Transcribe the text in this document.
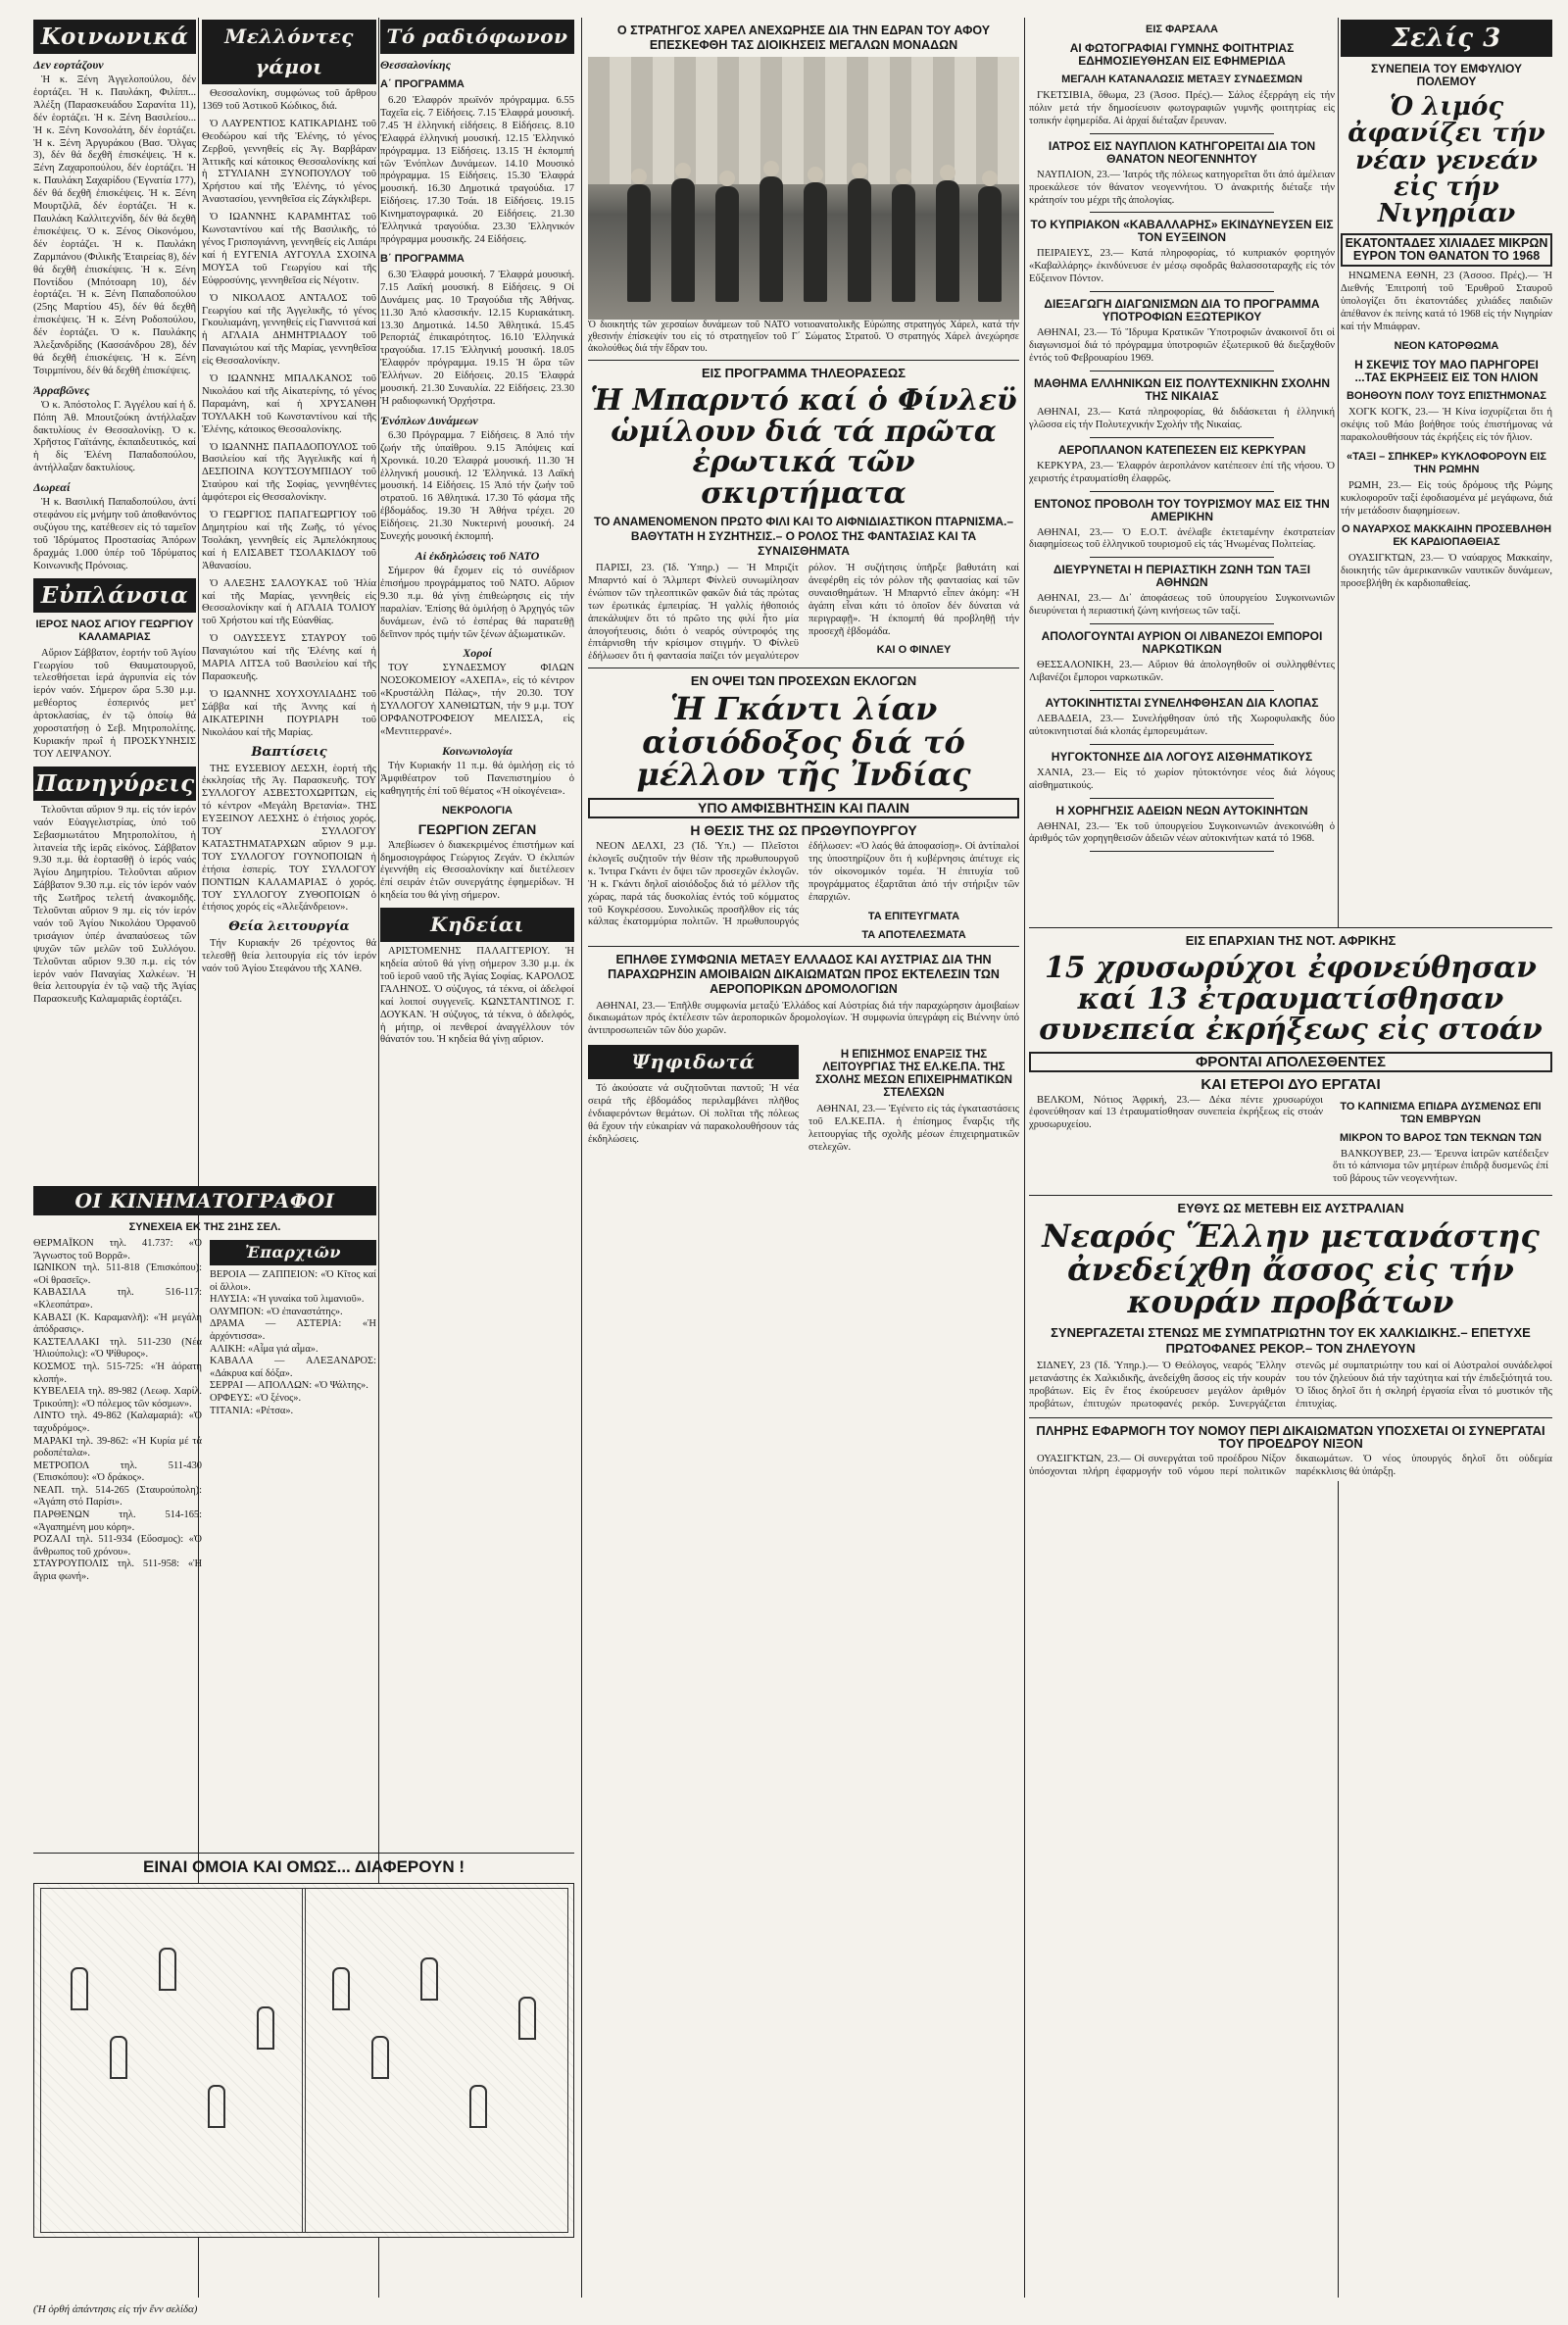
Κοινωνικά
Δεν εορτάζουν

Ἡ κ. Ξένη Ἀγγελοπούλου, δέν ἑορτάζει. Ἡ κ. Παυλάκη, Φιλίππ... Ἀλέξη (Παρασκευάδου Σαρανίτα 11), δέν ἑορτάζει. Ἡ κ. Ξένη Βασιλείου... Ἡ κ. Ξένη Κονσολάτη, δέν ἑορτάζει. Ἡ κ. Ξένη Ἀργυράκου (Βασ. Ὄλγας 3), δέν θά δεχθῆ ἐπισκέψεις. Ἡ κ. Ξένη Ζαχαροπούλου, δέν ἑορτάζει. Ἡ κ. Παυλάκη Σαχαρίδου (Ἐγνατία 177), δέν θά δεχθῆ ἐπισκέψεις. Ἡ κ. Ξένη Μουρτζιλᾶ, δέν ἑορτάζει. Ἡ κ. Παυλάκη Καλλιτεχνίδη, δέν θά δεχθῆ ἐπισκέψεις. Ὁ κ. Ξένος Οἰκονόμου, δέν ἑορτάζει. Ἡ κ. Παυλάκη Ζαρμπάνου (Φιλικῆς Ἑταιρείας 8), δέν θά δεχθῆ ἐπισκέψεις. Ἡ κ. Ξένη Ποντίδου (Μπότσαρη 10), δέν ἑορτάζει. Ἡ κ. Ξένη Παπαδοπούλου (25ης Μαρτίου 45), δέν θά δεχθῆ ἐπισκέψεις. Ἡ κ. Ξένη Ροδοπούλου, δέν ἑορτάζει. Ὁ κ. Παυλάκης Ἀλεξανδρίδης (Κασσάνδρου 28), δέν θά δεχθῆ ἐπισκέψεις. Ἡ κ. Ξένη Τσιρμπίνου, δέν θά δεχθῆ ἐπισκέψεις.

Ἀρραβῶνες

Ὁ κ. Ἀπόστολος Γ. Ἀγγέλου καί ἡ δ. Πόπη Ἀθ. Μπουτζούκη ἀντήλλαξαν δακτυλίους ἐν Θεσσαλονίκῃ. Ὁ κ. Χρῆστος Γαϊτάνης, ἐκπαιδευτικός, καί ἡ δίς Ἑλένη Παπαδοπούλου, ἀντήλλαξαν δακτυλίους.

Δωρεαί

Ἡ κ. Βασιλική Παπαδοπούλου, ἀντί στεφάνου εἰς μνήμην τοῦ ἀποθανόντος συζύγου της, κατέθεσεν εἰς τό ταμεῖον τοῦ Ἱδρύματος Προστασίας Ἀπόρων δραχμάς 1.000 ὑπέρ τοῦ Ἰδρύματος Κοινωνικῆς Πρόνοιας.

Εὐπλάνσια
ΙΕΡΟΣ ΝΑΟΣ ΑΓΙΟΥ ΓΕΩΡΓΙΟΥ ΚΑΛΑΜΑΡΙΑΣ

Αὔριον Σάββατον, ἑορτήν τοῦ Ἁγίου Γεωργίου τοῦ Θαυματουργοῦ, τελεσθήσεται ἱερά ἀγρυπνία εἰς τόν ἱερόν ναόν. Σήμερον ὥρα 5.30 μ.μ. μεθέορτος ἑσπερινός μετ' ἀρτοκλασίας, ἐν τῷ ὁποίῳ θά χοροστατήσῃ ὁ Σεβ. Μητροπολίτης. Κυριακήν πρωΐ ἡ ΠΡΟΣΚΥΝΗΣΙΣ ΤΟΥ ΛΕΙΨΑΝΟΥ.

Πανηγύρεις

Τελοῦνται αὔριον 9 πμ. εἰς τόν ἱερόν ναόν Εὐαγγελιστρίας, ὑπό τοῦ Σεβασμιωτάτου Μητροπολίτου, ἡ λιτανεία τῆς ἱερᾶς εἰκόνος. Σάββατον 9.30 π.μ. θά ἑορτασθῇ ὁ ἱερός ναός Ἁγίου Δημητρίου. Τελοῦνται αὔριον Σάββατον 9.30 π.μ. εἰς τόν ἱερόν ναόν τῆς Σωτῆρος τελετή ἀνακομιδῆς. Τελοῦνται αὔριον 9 πμ. εἰς τόν ἱερόν ναόν τοῦ Ἁγίου Νικολάου Ὀρφανοῦ τρισάγιον ὑπέρ ἀναπαύσεως τῶν ψυχῶν τῶν μελῶν τοῦ Συλλόγου. Τελοῦνται αὔριον 9.30 π.μ. εἰς τόν ἱερόν ναόν Παναγίας Χαλκέων. Ἡ θεία λειτουργία ἐν τῷ ναῷ τῆς Ἁγίας Παρασκευῆς Καλαμαριᾶς ἑορτάζει.

ΟΙ ΚΙΝΗΜΑΤΟΓΡΑΦΟΙ
ΣΥΝΕΧΕΙΑ ΕΚ ΤΗΣ 21ΗΣ ΣΕΛ.

ΘΕΡΜΑΪΚΟΝ τηλ. 41.737: «Ὁ Ἄγνωστος τοῦ Βορρᾶ».

ΙΩΝΙΚΟΝ τηλ. 511-818 (Ἐπισκόπου): «Οἱ θρασεῖς».

ΚΑΒΑΣΙΛΑ τηλ. 516-117: «Κλεοπάτρα».

ΚΑΒΑΣΙ (Κ. Καραμανλῆ): «Ἡ μεγάλη ἀπόδρασις».

ΚΑΣΤΕΛΛΑΚΙ τηλ. 511-230 (Νέα Ἠλιούπολις): «Ὁ Ψίθυρος».

ΚΟΣΜΟΣ τηλ. 515-725: «Ἡ ἀόρατη κλοπή».

ΚΥΒΕΛΕΙΑ τηλ. 89-982 (Λεωφ. Χαρίλ. Τρικούπη): «Ὁ πόλεμος τῶν κόσμων».

ΛΙΝΤΟ τηλ. 49-862 (Καλαμαριά): «Ὁ ταχυδρόμος».

ΜΑΡΑΚΙ τηλ. 39-862: «Ἡ Κυρία μέ τά ροδοπέταλα».

ΜΕΤΡΟΠΟΛ τηλ. 511-430 (Ἐπισκόπου): «Ὁ δράκος».

ΝΕΑΠ. τηλ. 514-265 (Σταυρούπολη): «Ἀγάπη στό Παρίσι».

ΠΑΡΘΕΝΩΝ τηλ. 514-165: «Ἀγαπημένη μου κόρη».

ΡΟΖΑΛΙ τηλ. 511-934 (Εὔοσμος): «Ὁ ἄνθρωπος τοῦ χρόνου».

ΣΤΑΥΡΟΥΠΟΛΙΣ τηλ. 511-958: «Ἡ ἄγρια φωνή».

Ἐπαρχιῶν

ΒΕΡΟΙΑ — ΖΑΠΠΕΙΟΝ: «Ὁ Κῖτος καί οἱ ἄλλοι».

ΗΛΥΣΙΑ: «Ἡ γυναίκα τοῦ λιμανιοῦ».

ΟΛΥΜΠΟΝ: «Ὁ ἐπαναστάτης».

ΔΡΑΜΑ — ΑΣΤΕΡΙΑ: «Ἡ ἀρχόντισσα».

ΑΛΙΚΗ: «Αἷμα γιά αἷμα».

ΚΑΒΑΛΑ — ΑΛΕΞΑΝΔΡΟΣ: «Δάκρυα καί δόξα».

ΣΕΡΡΑΙ — ΑΠΟΛΛΩΝ: «Ὁ Ψάλτης».

ΟΡΦΕΥΣ: «Ὁ ξένος».

ΤΙΤΑΝΙΑ: «Ρέτσα».

ΕΙΝΑΙ ΟΜΟΙΑ ΚΑΙ ΟΜΩΣ... ΔΙΑΦΕΡΟΥΝ !
(Ἡ ὀρθή ἀπάντησις εἰς τήν ἔνν σελίδα)
Μελλόντες γάμοι

Θεσσαλονίκη, συμφώνως τοῦ ἄρθρου 1369 τοῦ Ἀστικοῦ Κώδικος, διά.

Ὁ ΛΑΥΡΕΝΤΙΟΣ ΚΑΤΙΚΑΡΙΔΗΣ τοῦ Θεοδώρου καί τῆς Ἑλένης, τό γένος Ζερβοῦ, γεννηθείς εἰς Ἀγ. Βαρβάραν Ἀττικῆς καί κάτοικος Θεσσαλονίκης καί ἡ ΣΤΥΛΙΑΝΗ ΞΥΝΟΠΟΥΛΟΥ τοῦ Χρήστου καί τῆς Ἑλένης, τό γένος Ἀναστασίου, γεννηθεῖσα εἰς Ζάγκλιβερι.

Ὁ ΙΩΑΝΝΗΣ ΚΑΡΑΜΗΤΑΣ τοῦ Κωνσταντίνου καί τῆς Βασιλικῆς, τό γένος Γρισπογιάννη, γεννηθείς εἰς Λιπάρι καί ἡ ΕΥΓΕΝΙΑ ΑΥΓΟΥΛΑ ΣΧΟΙΝΑ ΜΟΥΣΑ τοῦ Γεωργίου καί τῆς Εὐφροσύνης, γεννηθεῖσα εἰς Νέγοτιν.

Ὁ ΝΙΚΟΛΑΟΣ ΑΝΤΑΛΟΣ τοῦ Γεωργίου καί τῆς Ἀγγελικῆς, τό γένος Γκουλιαμάνη, γεννηθείς εἰς Γιαννιτσά καί ἡ ΑΓΛΑΙΑ ΔΗΜΗΤΡΙΑΔΟΥ τοῦ Παναγιώτου καί τῆς Μαρίας, γεννηθεῖσα εἰς Θεσσαλονίκην.

Ὁ ΙΩΑΝΝΗΣ ΜΠΑΛΚΑΝΟΣ τοῦ Νικολάου καί τῆς Αἰκατερίνης, τό γένος Παραμάνη, καί ἡ ΧΡΥΣΑΝΘΗ ΤΟΥΛΑΚΗ τοῦ Κωνσταντίνου καί τῆς Ἑλένης, κάτοικος Θεσσαλονίκης.

Ὁ ΙΩΑΝΝΗΣ ΠΑΠΑΔΟΠΟΥΛΟΣ τοῦ Βασιλείου καί τῆς Ἀγγελικῆς καί ἡ ΔΕΣΠΟΙΝΑ ΚΟΥΤΣΟΥΜΠΙΔΟΥ τοῦ Σταύρου καί τῆς Σοφίας, γεννηθέντες ἀμφότεροι εἰς Θεσσαλονίκην.

Ὁ ΓΕΩΡΓΙΟΣ ΠΑΠΑΓΕΩΡΓΙΟΥ τοῦ Δημητρίου καί τῆς Ζωῆς, τό γένος Τσολάκη, γεννηθείς εἰς Ἀμπελόκηπους καί ἡ ΕΛΙΣΑΒΕΤ ΤΣΟΛΑΚΙΔΟΥ τοῦ Ἀθανασίου.

Ὁ ΑΛΕΞΗΣ ΣΑΛΟΥΚΑΣ τοῦ Ἡλία καί τῆς Μαρίας, γεννηθείς εἰς Θεσσαλονίκην καί ἡ ΑΓΛΑΙΑ ΤΟΛΙΟΥ τοῦ Χρήστου καί τῆς Εὐανθίας.

Ὁ ΟΔΥΣΣΕΥΣ ΣΤΑΥΡΟΥ τοῦ Παναγιώτου καί τῆς Ἑλένης καί ἡ ΜΑΡΙΑ ΛΙΤΣΑ τοῦ Βασιλείου καί τῆς Παρασκευῆς.

Ὁ ΙΩΑΝΝΗΣ ΧΟΥΧΟΥΛΙΑΔΗΣ τοῦ Σάββα καί τῆς Ἀννης καί ἡ ΑΙΚΑΤΕΡΙΝΗ ΠΟΥΡΙΑΡΗ τοῦ Νικολάου καί τῆς Μαρίας.

Βαπτίσεις

ΤΗΣ ΕΥΣΕΒΙΟΥ ΔΕΣΧΗ, ἑορτή τῆς ἐκκλησίας τῆς Ἁγ. Παρασκευῆς. ΤΟΥ ΣΥΛΛΟΓΟΥ ΑΣΒΕΣΤΟΧΩΡΙΤΩΝ, εἰς τό κέντρον «Μεγάλη Βρετανία». ΤΗΣ ΕΥΞΕΙΝΟΥ ΛΕΣΧΗΣ ὁ ἐτήσιος χορός. ΤΟΥ ΣΥΛΛΟΓΟΥ ΚΑΤΑΣΤΗΜΑΤΑΡΧΩΝ αὔριον 9 μ.μ. ΤΟΥ ΣΥΛΛΟΓΟΥ ΓΟΥΝΟΠΟΙΩΝ ἡ ἐτήσια ἑσπερίς. ΤΟΥ ΣΥΛΛΟΓΟΥ ΠΟΝΤΙΩΝ ΚΑΛΑΜΑΡΙΑΣ ὁ χορός. ΤΟΥ ΣΥΛΛΟΓΟΥ ΖΥΘΟΠΟΙΩΝ ὁ ἐτήσιος χορός εἰς «Ἀλεξάνδρειον».

Θεία λειτουργία

Τήν Κυριακήν 26 τρέχοντος θά τελεσθῇ θεία λειτουργία εἰς τόν ἱερόν ναόν τοῦ Ἁγίου Στεφάνου τῆς ΧΑΝΘ.

Τό ραδιόφωνον
Θεσσαλονίκης
Α΄ ΠΡΟΓΡΑΜΜΑ

6.20 Ἐλαφρόν πρωϊνόν πρόγραμμα. 6.55 Ταχεῖα εἰς. 7 Εἰδήσεις. 7.15 Ἐλαφρά μουσική. 7.45 Ἡ ἑλληνική εἰδήσεις. 8 Εἰδήσεις. 8.10 Ἐλαφρά ἑλληνική μουσική. 12.15 Ἑλληνικό πρόγραμμα. 13 Εἰδήσεις. 13.15 Ἡ ἐκπομπή τῶν Ἐνόπλων Δυνάμεων. 14.10 Μουσικό πρόγραμμα. 15 Εἰδήσεις. 15.30 Ἐλαφρά μουσική. 16.30 Δημοτικά τραγούδια. 17 Εἰδήσεις. 17.30 Τσάι. 18 Εἰδήσεις. 19.15 Κινηματογραφικά. 20 Εἰδήσεις. 21.30 Ἑλληνικά τραγούδια. 23.30 Ἑλληνικόν πρόγραμμα μουσικῆς. 24 Εἰδήσεις.

Β΄ ΠΡΟΓΡΑΜΜΑ

6.30 Ἐλαφρά μουσική. 7 Ἐλαφρά μουσική. 7.15 Λαϊκή μουσική. 8 Εἰδήσεις. 9 Οἱ Δυνάμεις μας. 10 Τραγούδια τῆς Ἀθήνας. 11.30 Ἀπό κλασσικήν. 12.15 Κυριακάτικη. 13.30 Δημοτικά. 14.50 Ἀθλητικά. 15.45 Ρεπορτάζ ἐπικαιρότητος. 16.10 Ἑλληνικά τραγούδια. 17.15 Ἑλληνική μουσική. 18.05 Ἐλαφρόν πρόγραμμα. 19.15 Ἡ ὥρα τῶν Ἑλλήνων. 20 Εἰδήσεις. 20.15 Ἐλαφρά μουσική. 21.30 Συναυλία. 22 Εἰδήσεις. 23.30 Ἡ ραδιοφωνική Ὀρχήστρα.

Ἐνόπλων Δυνάμεων

6.30 Πρόγραμμα. 7 Εἰδήσεις. 8 Ἀπό τήν ζωήν τῆς ὑπαίθρου. 9.15 Ἀπόψεις καί Χρονικά. 10.20 Ἐλαφρά μουσική. 11.30 Ἡ ἑλληνική μουσική. 12 Ἐλληνικά. 13 Λαϊκή μουσική. 14 Εἰδήσεις. 15 Ἀπό τήν ζωήν τοῦ στρατοῦ. 16 Ἀθλητικά. 17.30 Τό φάσμα τῆς ἐβδομάδος. 19.30 Ἡ Ἀθήνα τρέχει. 20 Εἰδήσεις. 21.30 Νυκτερινή μουσική. 24 Συνεχής μουσική ἐκπομπή.

Αἱ ἐκδηλώσεις τοῦ ΝΑΤΟ

Σήμερον θά ἔχομεν εἰς τό συνέδριον ἐπισήμου προγράμματος τοῦ ΝΑΤΟ. Αὔριον 9.30 π.μ. θά γίνῃ ἐπιθεώρησις εἰς τήν παραλίαν. Ἐπίσης θά ὁμιλήσῃ ὁ Ἀρχηγός τῶν δυνάμεων, ἐνῶ τό ἑσπέρας θά παρατεθῇ δεῖπνον πρός τιμήν τῶν ξένων ἀξιωματικῶν.

Χοροί

ΤΟΥ ΣΥΝΔΕΣΜΟΥ ΦΙΛΩΝ ΝΟΣΟΚΟΜΕΙΟΥ «ΑΧΕΠΑ», εἰς τό κέντρον «Κρυστάλλη Πάλας», τήν 20.30. ΤΟΥ ΣΥΛΛΟΓΟΥ ΧΑΝΘΙΩΤΩΝ, τήν 9 μ.μ. ΤΟΥ ΟΡΦΑΝΟΤΡΟΦΕΙΟΥ ΜΕΛΙΣΣΑ, εἰς «Μεντιτερρανέ».

Κοινωνιολογία

Τήν Κυριακήν 11 π.μ. θά ὁμιλήσῃ εἰς τό Ἀμφιθέατρον τοῦ Πανεπιστημίου ὁ καθηγητής ἐπί τοῦ θέματος «Ἡ οἰκογένεια».

ΝΕΚΡΟΛΟΓΙΑ
ΓΕΩΡΓΙΟΝ ΖΕΓΑΝ

Ἀπεβίωσεν ὁ διακεκριμένος ἐπιστήμων καί δημοσιογράφος Γεώργιος Ζεγάν. Ὁ ἐκλιπών ἐγεννήθη εἰς Θεσσαλονίκην καί διετέλεσεν ἐπί σειράν ἐτῶν συνεργάτης ἐφημερίδων. Ἡ κηδεία του θά γίνῃ σήμερον.

Κηδείαι

ΑΡΙΣΤΟΜΕΝΗΣ ΠΑΛΑΓΓΕΡΙΟΥ. Ἡ κηδεία αὐτοῦ θά γίνῃ σήμερον 3.30 μ.μ. ἐκ τοῦ ἱεροῦ ναοῦ τῆς Ἁγίας Σοφίας. ΚΑΡΟΛΟΣ ΓΑΛΗΝΟΣ. Ὁ σύζυγος, τά τέκνα, οἱ ἀδελφοί καί λοιποί συγγενεῖς. ΚΩΝΣΤΑΝΤΙΝΟΣ Γ. ΔΟΥΚΑΝ. Ἡ σύζυγος, τά τέκνα, ὁ ἀδελφός, ἡ μήτηρ, οἱ πενθεροί ἀναγγέλλουν τόν θάνατόν του. Ἡ κηδεία θά γίνῃ αὔριον.

Ο ΣΤΡΑΤΗΓΟΣ ΧΑΡΕΛ ΑΝΕΧΩΡΗΣΕ ΔΙΑ ΤΗΝ ΕΔΡΑΝ ΤΟΥ ΑΦΟΥ ΕΠΕΣΚΕΦΘΗ ΤΑΣ ΔΙΟΙΚΗΣΕΙΣ ΜΕΓΑΛΩΝ ΜΟΝΑΔΩΝ

Ὁ διοικητής τῶν χερσαίων δυνάμεων τοῦ ΝΑΤΟ νοτιοανατολικῆς Εὐρώπης στρατηγός Χάρελ, κατά τήν χθεσινήν ἐπίσκεψίν του εἰς τό στρατηγεῖον τοῦ Γ΄ Σώματος Στρατοῦ. Ὁ στρατηγός Χάρελ ἀνεχώρησε ἀκολούθως διά τήν ἕδραν του.

ΕΙΣ ΠΡΟΓΡΑΜΜΑ ΤΗΛΕΟΡΑΣΕΩΣ
Ἡ Μπαρντό καί ὁ Φίνλεϋ ὡμίλουν διά τά πρῶτα ἐρωτικά τῶν σκιρτήματα
ΤΟ ΑΝΑΜΕΝΟΜΕΝΟΝ ΠΡΩΤΟ ΦΙΛΙ ΚΑΙ ΤΟ ΑΙΦΝΙΔΙΑΣΤΙΚΟΝ ΠΤΑΡΝΙΣΜΑ.– ΒΑΘΥΤΑΤΗ Η ΣΥΖΗΤΗΣΙΣ.– Ο ΡΟΛΟΣ ΤΗΣ ΦΑΝΤΑΣΙΑΣ ΚΑΙ ΤΑ ΣΥΝΑΙΣΘΗΜΑΤΑ

ΠΑΡΙΣΙ, 23. (Ἰδ. Ὑπηρ.) — Ἡ Μπριζίτ Μπαρντό καί ὁ Ἄλμπερτ Φίνλεϋ συνωμίλησαν ἐνώπιον τῶν τηλεοπτικῶν φακῶν διά τάς πρώτας των ἐρωτικάς ἐμπειρίας. Ἡ γαλλίς ἠθοποιός ἀπεκάλυψεν ὅτι τό πρῶτο της φιλί ἦτο μία ἀπογοήτευσις, διότι ὁ νεαρός σύντροφός της ἐπτάρνισθη τήν κρίσιμον στιγμήν. Ὁ Φίνλεϋ ἐδήλωσεν ὅτι ἡ φαντασία παίζει τόν μεγαλύτερον ρόλον. Ἡ συζήτησις ὑπῆρξε βαθυτάτη καί ἀνεφέρθη εἰς τόν ρόλον τῆς φαντασίας καί τῶν συναισθημάτων. Ἡ Μπαρντό εἶπεν ἀκόμη: «Ἡ ἀγάπη εἶναι κάτι τό ὁποῖον δέν δύναται νά περιγραφῇ». Ἡ ἐκπομπή θά προβληθῇ τήν προσεχῆ ἑβδομάδα.

ΚΑΙ Ο ΦΙΝΛΕΥ
ΕΝ ΟΨΕΙ ΤΩΝ ΠΡΟΣΕΧΩΝ ΕΚΛΟΓΩΝ
Ἡ Γκάντι λίαν αἰσιόδοξος διά τό μέλλον τῆς Ἰνδίας
ΥΠΟ ΑΜΦΙΣΒΗΤΗΣΙΝ ΚΑΙ ΠΑΛΙΝ
Η ΘΕΣΙΣ ΤΗΣ ΩΣ ΠΡΩΘΥΠΟΥΡΓΟΥ

ΝΕΟΝ ΔΕΛΧΙ, 23 (Ἰδ. Ὑπ.) — Πλεῖστοι ἐκλογεῖς συζητοῦν τήν θέσιν τῆς πρωθυπουργοῦ κ. Ἰντιρα Γκάντι ἐν ὄψει τῶν προσεχῶν ἐκλογῶν. Ἡ κ. Γκάντι δηλοῖ αἰσιόδοξος διά τό μέλλον τῆς χώρας, παρά τάς δυσκολίας ἐντός τοῦ κόμματος τοῦ Κογκρέσσου. Συνολικῶς προσῆλθον εἰς τάς κάλπας ἑκατομμύρια πολιτῶν. Ἡ πρωθυπουργός ἐδήλωσεν: «Ὁ λαός θά ἀποφασίσῃ». Οἱ ἀντίπαλοί της ὑποστηρίζουν ὅτι ἡ κυβέρνησις ἀπέτυχε εἰς τόν οἰκονομικόν τομέα. Ἡ ἐπιτυχία τοῦ προγράμματος ἐξαρτᾶται ἀπό τήν στήριξιν τῶν ἐπαρχιῶν.

ΤΑ ΕΠΙΤΕΥΓΜΑΤΑ
ΤΑ ΑΠΟΤΕΛΕΣΜΑΤΑ
ΕΠΗΛΘΕ ΣΥΜΦΩΝΙΑ ΜΕΤΑΞΥ ΕΛΛΑΔΟΣ ΚΑΙ ΑΥΣΤΡΙΑΣ ΔΙΑ ΤΗΝ ΠΑΡΑΧΩΡΗΣΙΝ ΑΜΟΙΒΑΙΩΝ ΔΙΚΑΙΩΜΑΤΩΝ ΠΡΟΣ ΕΚΤΕΛΕΣΙΝ ΤΩΝ ΑΕΡΟΠΟΡΙΚΩΝ ΔΡΟΜΟΛΟΓΙΩΝ

ΑΘΗΝΑΙ, 23.— Ἐπῆλθε συμφωνία μεταξύ Ἑλλάδος καί Αὐστρίας διά τήν παραχώρησιν ἀμοιβαίων δικαιωμάτων πρός ἐκτέλεσιν τῶν ἀεροπορικῶν δρομολογίων. Ἡ συμφωνία ὑπεγράφη εἰς Βιέννην ὑπό ἀντιπροσωπειῶν τῶν δύο χωρῶν.

Ψηφιδωτά

Τό ἀκούσατε νά συζητοῦνται παντοῦ; Ἡ νέα σειρά τῆς ἐβδομάδος περιλαμβάνει πλῆθος ἐνδιαφερόντων θεμάτων. Οἱ πολῖται τῆς πόλεως θά ἔχουν τήν εὐκαιρίαν νά παρακολουθήσουν τάς ἐκδηλώσεις.

Η ΕΠΙΣΗΜΟΣ ΕΝΑΡΞΙΣ ΤΗΣ ΛΕΙΤΟΥΡΓΙΑΣ ΤΗΣ ΕΛ.ΚΕ.ΠΑ. ΤΗΣ ΣΧΟΛΗΣ ΜΕΣΩΝ ΕΠΙΧΕΙΡΗΜΑΤΙΚΩΝ ΣΤΕΛΕΧΩΝ

ΑΘΗΝΑΙ, 23.— Ἐγένετο εἰς τάς ἐγκαταστάσεις τοῦ ΕΛ.ΚΕ.ΠΑ. ἡ ἐπίσημος ἔναρξις τῆς λειτουργίας τῆς σχολῆς μέσων ἐπιχειρηματικῶν στελεχῶν.

ΕΙΣ ΦΑΡΣΑΛΑ
ΑΙ ΦΩΤΟΓΡΑΦΙΑΙ ΓΥΜΝΗΣ ΦΟΙΤΗΤΡΙΑΣ ΕΔΗΜΟΣΙΕΥΘΗΣΑΝ ΕΙΣ ΕΦΗΜΕΡΙΔΑ
ΜΕΓΑΛΗ ΚΑΤΑΝΑΛΩΣΙΣ ΜΕΤΑΞΥ ΣΥΝΔΕΣΜΩΝ

ΓΚΕΤΣΙΒΙΑ, ὅθωμα, 23 (Ἀσοσ. Πρές).— Σάλος ἐξερράγη εἰς τήν πόλιν μετά τήν δημοσίευσιν φωτογραφιῶν γυμνῆς φοιτητρίας εἰς τοπικήν ἐφημερίδα. Αἱ ἀρχαί διέταξαν ἔρευναν.

ΙΑΤΡΟΣ ΕΙΣ ΝΑΥΠΛΙΟΝ ΚΑΤΗΓΟΡΕΙΤΑΙ ΔΙΑ ΤΟΝ ΘΑΝΑΤΟΝ ΝΕΟΓΕΝΝΗΤΟΥ

ΝΑΥΠΛΙΟΝ, 23.— Ἰατρός τῆς πόλεως κατηγορεῖται ὅτι ἀπό ἀμέλειαν προεκάλεσε τόν θάνατον νεογεννήτου. Ὁ ἀνακριτής διέταξε τήν κράτησίν του μέχρι τῆς ἀπολογίας.

ΤΟ ΚΥΠΡΙΑΚΟΝ «ΚΑΒΑΛΛΑΡΗΣ» ΕΚΙΝΔΥΝΕΥΣΕΝ ΕΙΣ ΤΟΝ ΕΥΞΕΙΝΟΝ

ΠΕΙΡΑΙΕΥΣ, 23.— Κατά πληροφορίας, τό κυπριακόν φορτηγόν «Καβαλλάρης» ἐκινδύνευσε ἐν μέσῳ σφοδρᾶς θαλασσοταραχῆς εἰς τόν Εὔξεινον Πόντον.

ΔΙΕΞΑΓΩΓΗ ΔΙΑΓΩΝΙΣΜΩΝ ΔΙΑ ΤΟ ΠΡΟΓΡΑΜΜΑ ΥΠΟΤΡΟΦΙΩΝ ΕΞΩΤΕΡΙΚΟΥ

ΑΘΗΝΑΙ, 23.— Τό Ἵδρυμα Κρατικῶν Ὑποτροφιῶν ἀνακοινοῖ ὅτι οἱ διαγωνισμοί διά τό πρόγραμμα ὑποτροφιῶν ἐξωτερικοῦ θά διεξαχθοῦν ἐντός τοῦ Φεβρουαρίου 1969.

ΜΑΘΗΜΑ ΕΛΛΗΝΙΚΩΝ ΕΙΣ ΠΟΛΥΤΕΧΝΙΚΗΝ ΣΧΟΛΗΝ ΤΗΣ ΝΙΚΑΙΑΣ

ΑΘΗΝΑΙ, 23.— Κατά πληροφορίας, θά διδάσκεται ἡ ἑλληνική γλῶσσα εἰς τήν Πολυτεχνικήν Σχολήν τῆς Νικαίας.

ΑΕΡΟΠΛΑΝΟΝ ΚΑΤΕΠΕΣΕΝ ΕΙΣ ΚΕΡΚΥΡΑΝ

ΚΕΡΚΥΡΑ, 23.— Ἐλαφρόν ἀεροπλάνον κατέπεσεν ἐπί τῆς νήσου. Ὁ χειριστής ἐτραυματίσθη ἐλαφρῶς.

ΕΝΤΟΝΟΣ ΠΡΟΒΟΛΗ ΤΟΥ ΤΟΥΡΙΣΜΟΥ ΜΑΣ ΕΙΣ ΤΗΝ ΑΜΕΡΙΚΗΝ

ΑΘΗΝΑΙ, 23.— Ὁ Ε.Ο.Τ. ἀνέλαβε ἐκτεταμένην ἐκστρατείαν διαφημίσεως τοῦ ἑλληνικοῦ τουρισμοῦ εἰς τάς Ἡνωμένας Πολιτείας.

ΔΙΕΥΡΥΝΕΤΑΙ Η ΠΕΡΙΑΣΤΙΚΗ ΖΩΝΗ ΤΩΝ ΤΑΞΙ ΑΘΗΝΩΝ

ΑΘΗΝΑΙ, 23.— Δι᾽ ἀποφάσεως τοῦ ὑπουργείου Συγκοινωνιῶν διευρύνεται ἡ περιαστική ζώνη κινήσεως τῶν ταξί.

ΑΠΟΛΟΓΟΥΝΤΑΙ ΑΥΡΙΟΝ ΟΙ ΛΙΒΑΝΕΖΟΙ ΕΜΠΟΡΟΙ ΝΑΡΚΩΤΙΚΩΝ

ΘΕΣΣΑΛΟΝΙΚΗ, 23.— Αὔριον θά ἀπολογηθοῦν οἱ συλληφθέντες Λιβανέζοι ἔμποροι ναρκωτικῶν.

ΑΥΤΟΚΙΝΗΤΙΣΤΑΙ ΣΥΝΕΛΗΦΘΗΣΑΝ ΔΙΑ ΚΛΟΠΑΣ

ΛΕΒΑΔΕΙΑ, 23.— Συνελήφθησαν ὑπό τῆς Χωροφυλακῆς δύο αὐτοκινητισταί διά κλοπάς ἐμπορευμάτων.

ΗΥΓΟΚΤΟΝΗΣΕ ΔΙΑ ΛΟΓΟΥΣ ΑΙΣΘΗΜΑΤΙΚΟΥΣ

ΧΑΝΙΑ, 23.— Εἰς τό χωρίον ηὐτοκτόνησε νέος διά λόγους αἰσθηματικούς.

Η ΧΟΡΗΓΗΣΙΣ ΑΔΕΙΩΝ ΝΕΩΝ ΑΥΤΟΚΙΝΗΤΩΝ

ΑΘΗΝΑΙ, 23.— Ἐκ τοῦ ὑπουργείου Συγκοινωνιῶν ἀνεκοινώθη ὁ ἀριθμός τῶν χορηγηθεισῶν ἀδειῶν νέων αὐτοκινήτων κατά τό 1968.

Σελίς 3
ΣΥΝΕΠΕΙΑ ΤΟΥ ΕΜΦΥΛΙΟΥ ΠΟΛΕΜΟΥ
Ὁ λιμός ἀφανίζει τήν νέαν γενεάν εἰς τήν Νιγηρίαν
ΕΚΑΤΟΝΤΑΔΕΣ ΧΙΛΙΑΔΕΣ ΜΙΚΡΩΝ ΕΥΡΟΝ ΤΟΝ ΘΑΝΑΤΟΝ ΤΟ 1968

ΗΝΩΜΕΝΑ ΕΘΝΗ, 23 (Ἀσσοσ. Πρές).— Ἡ Διεθνής Ἐπιτροπή τοῦ Ἐρυθροῦ Σταυροῦ ὑπολογίζει ὅτι ἑκατοντάδες χιλιάδες παιδιῶν ἀπέθανον ἐκ πείνης κατά τό 1968 εἰς τήν Νιγηρίαν καί τήν Μπιάφραν.

ΝΕΟΝ ΚΑΤΟΡΘΩΜΑ
Η ΣΚΕΨΙΣ ΤΟΥ ΜΑΟ ΠΑΡΗΓΟΡΕΙ ...ΤΑΣ ΕΚΡΗΞΕΙΣ ΕΙΣ ΤΟΝ ΗΛΙΟΝ
ΒΟΗΘΟΥΝ ΠΟΛΥ ΤΟΥΣ ΕΠΙΣΤΗΜΟΝΑΣ

ΧΟΓΚ ΚΟΓΚ, 23.— Ἡ Κίνα ἰσχυρίζεται ὅτι ἡ σκέψις τοῦ Μάο βοήθησε τούς ἐπιστήμονας νά παρακολουθήσουν τάς ἐκρήξεις εἰς τόν ἥλιον.

«ΤΑΞΙ – ΣΠΗΚΕΡ» ΚΥΚΛΟΦΟΡΟΥΝ ΕΙΣ ΤΗΝ ΡΩΜΗΝ

ΡΩΜΗ, 23.— Εἰς τούς δρόμους τῆς Ρώμης κυκλοφοροῦν ταξί ἐφοδιασμένα μέ μεγάφωνα, διά τήν μετάδοσιν διαφημίσεων.

Ο ΝΑΥΑΡΧΟΣ ΜΑΚΚΑΙΗΝ ΠΡΟΣΕΒΛΗΘΗ ΕΚ ΚΑΡΔΙΟΠΑΘΕΙΑΣ

ΟΥΑΣΙΓΚΤΩΝ, 23.— Ὁ ναύαρχος Μακκαίην, διοικητής τῶν ἀμερικανικῶν ναυτικῶν δυνάμεων, προσεβλήθη ἐκ καρδιοπαθείας.

ΕΙΣ ΕΠΑΡΧΙΑΝ ΤΗΣ ΝΟΤ. ΑΦΡΙΚΗΣ
15 χρυσωρύχοι ἐφονεύθησαν καί 13 ἐτραυματίσθησαν συνεπεία ἐκρήξεως εἰς στοάν
ΦΡΟΝΤΑΙ ΑΠΟΛΕΣΘΕΝΤΕΣ
ΚΑΙ ΕΤΕΡΟΙ ΔΥΟ ΕΡΓΑΤΑΙ

ΒΕΛΚΟΜ, Νότιος Ἀφρική, 23.— Δέκα πέντε χρυσωρύχοι ἐφονεύθησαν καί 13 ἐτραυματίσθησαν συνεπεία ἐκρήξεως εἰς στοάν χρυσωρυχείου.

ΤΟ ΚΑΠΝΙΣΜΑ ΕΠΙΔΡΑ ΔΥΣΜΕΝΩΣ ΕΠΙ ΤΩΝ ΕΜΒΡΥΩΝ
ΜΙΚΡΟΝ ΤΟ ΒΑΡΟΣ ΤΩΝ ΤΕΚΝΩΝ ΤΩΝ

ΒΑΝΚΟΥΒΕΡ, 23.— Ἐρευνα ἰατρῶν κατέδειξεν ὅτι τό κάπνισμα τῶν μητέρων ἐπιδρᾷ δυσμενῶς ἐπί τοῦ βάρους τῶν νεογεννήτων.

ΕΥΘΥΣ ΩΣ ΜΕΤΕΒΗ ΕΙΣ ΑΥΣΤΡΑΛΙΑΝ
Νεαρός Ἕλλην μετανάστης ἀνεδείχθη ἄσσος εἰς τήν κουράν προβάτων
ΣΥΝΕΡΓΑΖΕΤΑΙ ΣΤΕΝΩΣ ΜΕ ΣΥΜΠΑΤΡΙΩΤΗΝ ΤΟΥ ΕΚ ΧΑΛΚΙΔΙΚΗΣ.– ΕΠΕΤΥΧΕ ΠΡΩΤΟΦΑΝΕΣ ΡΕΚΟΡ.– ΤΟΝ ΖΗΛΕΥΟΥΝ

ΣΙΔΝΕΥ, 23 (Ἰδ. Ὑπηρ.).— Ὁ Θεόλογος, νεαρός Ἕλλην μετανάστης ἐκ Χαλκιδικῆς, ἀνεδείχθη ἄσσος εἰς τήν κουράν προβάτων. Εἰς ἓν ἔτος ἐκούρευσεν μεγάλον ἀριθμόν προβάτων, ἐπιτυχών πρωτοφανές ρεκόρ. Συνεργάζεται στενῶς μέ συμπατριώτην του καί οἱ Αὐστραλοί συνάδελφοί του τόν ζηλεύουν διά τήν ταχύτητα καί τήν ἐπιδεξιότητά του. Ὁ ἴδιος δηλοῖ ὅτι ἡ σκληρή ἐργασία εἶναι τό μυστικόν τῆς ἐπιτυχίας.

ΠΛΗΡΗΣ ΕΦΑΡΜΟΓΗ ΤΟΥ ΝΟΜΟΥ ΠΕΡΙ ΔΙΚΑΙΩΜΑΤΩΝ ΥΠΟΣΧΕΤΑΙ ΟΙ ΣΥΝΕΡΓΑΤΑΙ ΤΟΥ ΠΡΟΕΔΡΟΥ ΝΙΞΟΝ

ΟΥΑΣΙΓΚΤΩΝ, 23.— Οἱ συνεργάται τοῦ προέδρου Νίξον ὑπόσχονται πλήρη ἐφαρμογήν τοῦ νόμου περί πολιτικῶν δικαιωμάτων. Ὁ νέος ὑπουργός δηλοῖ ὅτι οὐδεμία παρέκκλισις θά ὑπάρξῃ.
